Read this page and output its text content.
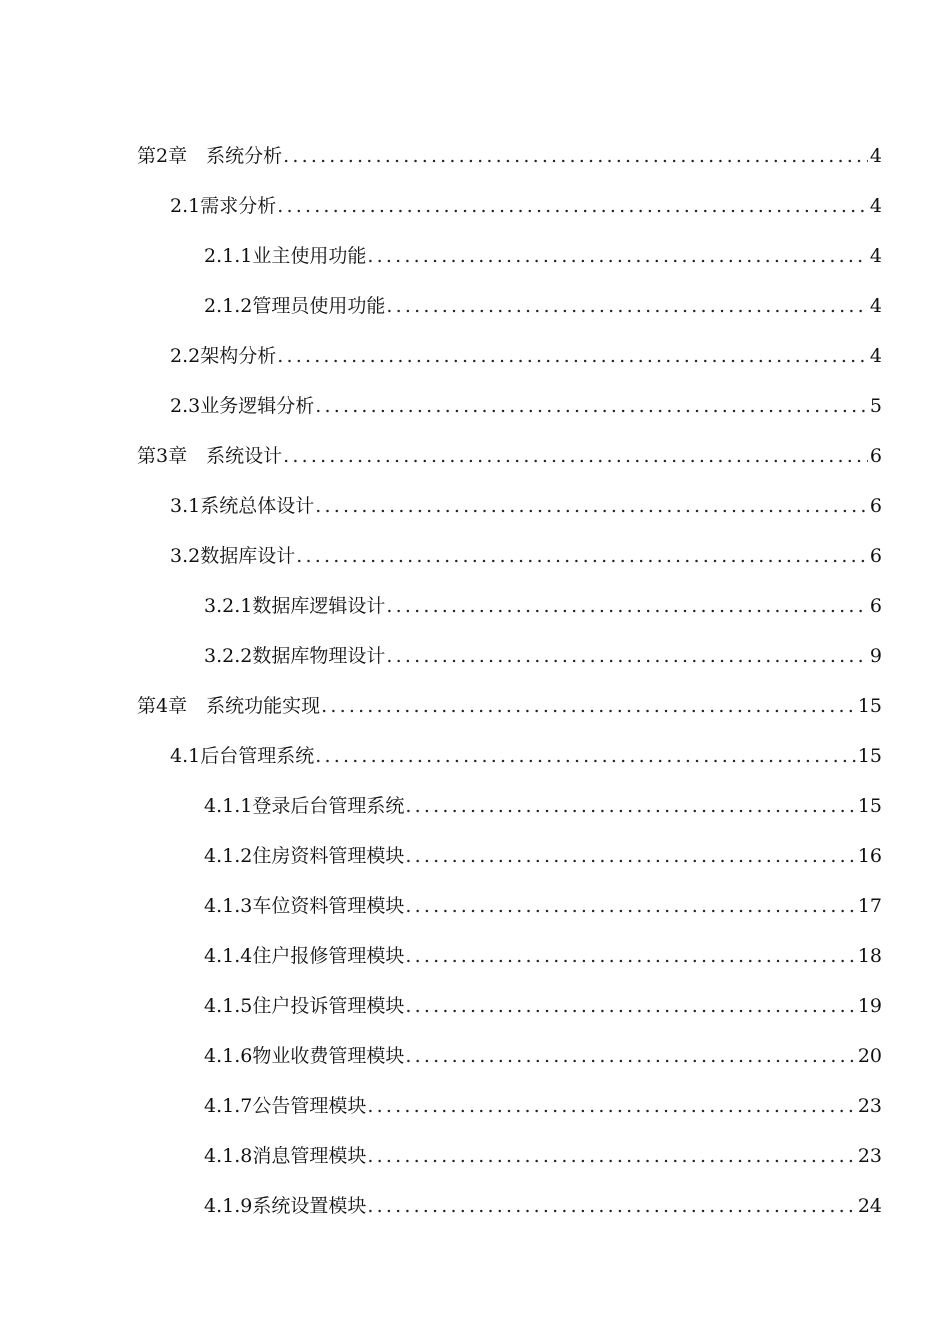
第2章　 系统分析 .....	4
2.1 需求分析 .....	4
2.1.1 业主使用功能 .....	4
2.1.2 管理员使用功能 .....	4
2.2 架构分析 .....	4
2.3 业务逻辑分析 .....	5
第3章　 系统设计 .....	6
3.1 系统总体设计 .....	6
3.2 数据库设计 .....	6
3.2.1 数据库逻辑设计 .....	6
3.2.2 数据库物理设计 .....	9
第4章　 系统功能实现 .....	15
4.1 后台管理系统 .....	15
4.1.1 登录后台管理系统 .....	15
4.1.2 住房资料管理模块 .....	16
4.1.3 车位资料管理模块 .....	17
4.1.4 住户报修管理模块 .....	18
4.1.5 住户投诉管理模块 .....	19
4.1.6 物业收费管理模块 .....	20
4.1.7 公告管理模块 .....	23
4.1.8 消息管理模块 .....	23
4.1.9 系统设置模块 .....	24
